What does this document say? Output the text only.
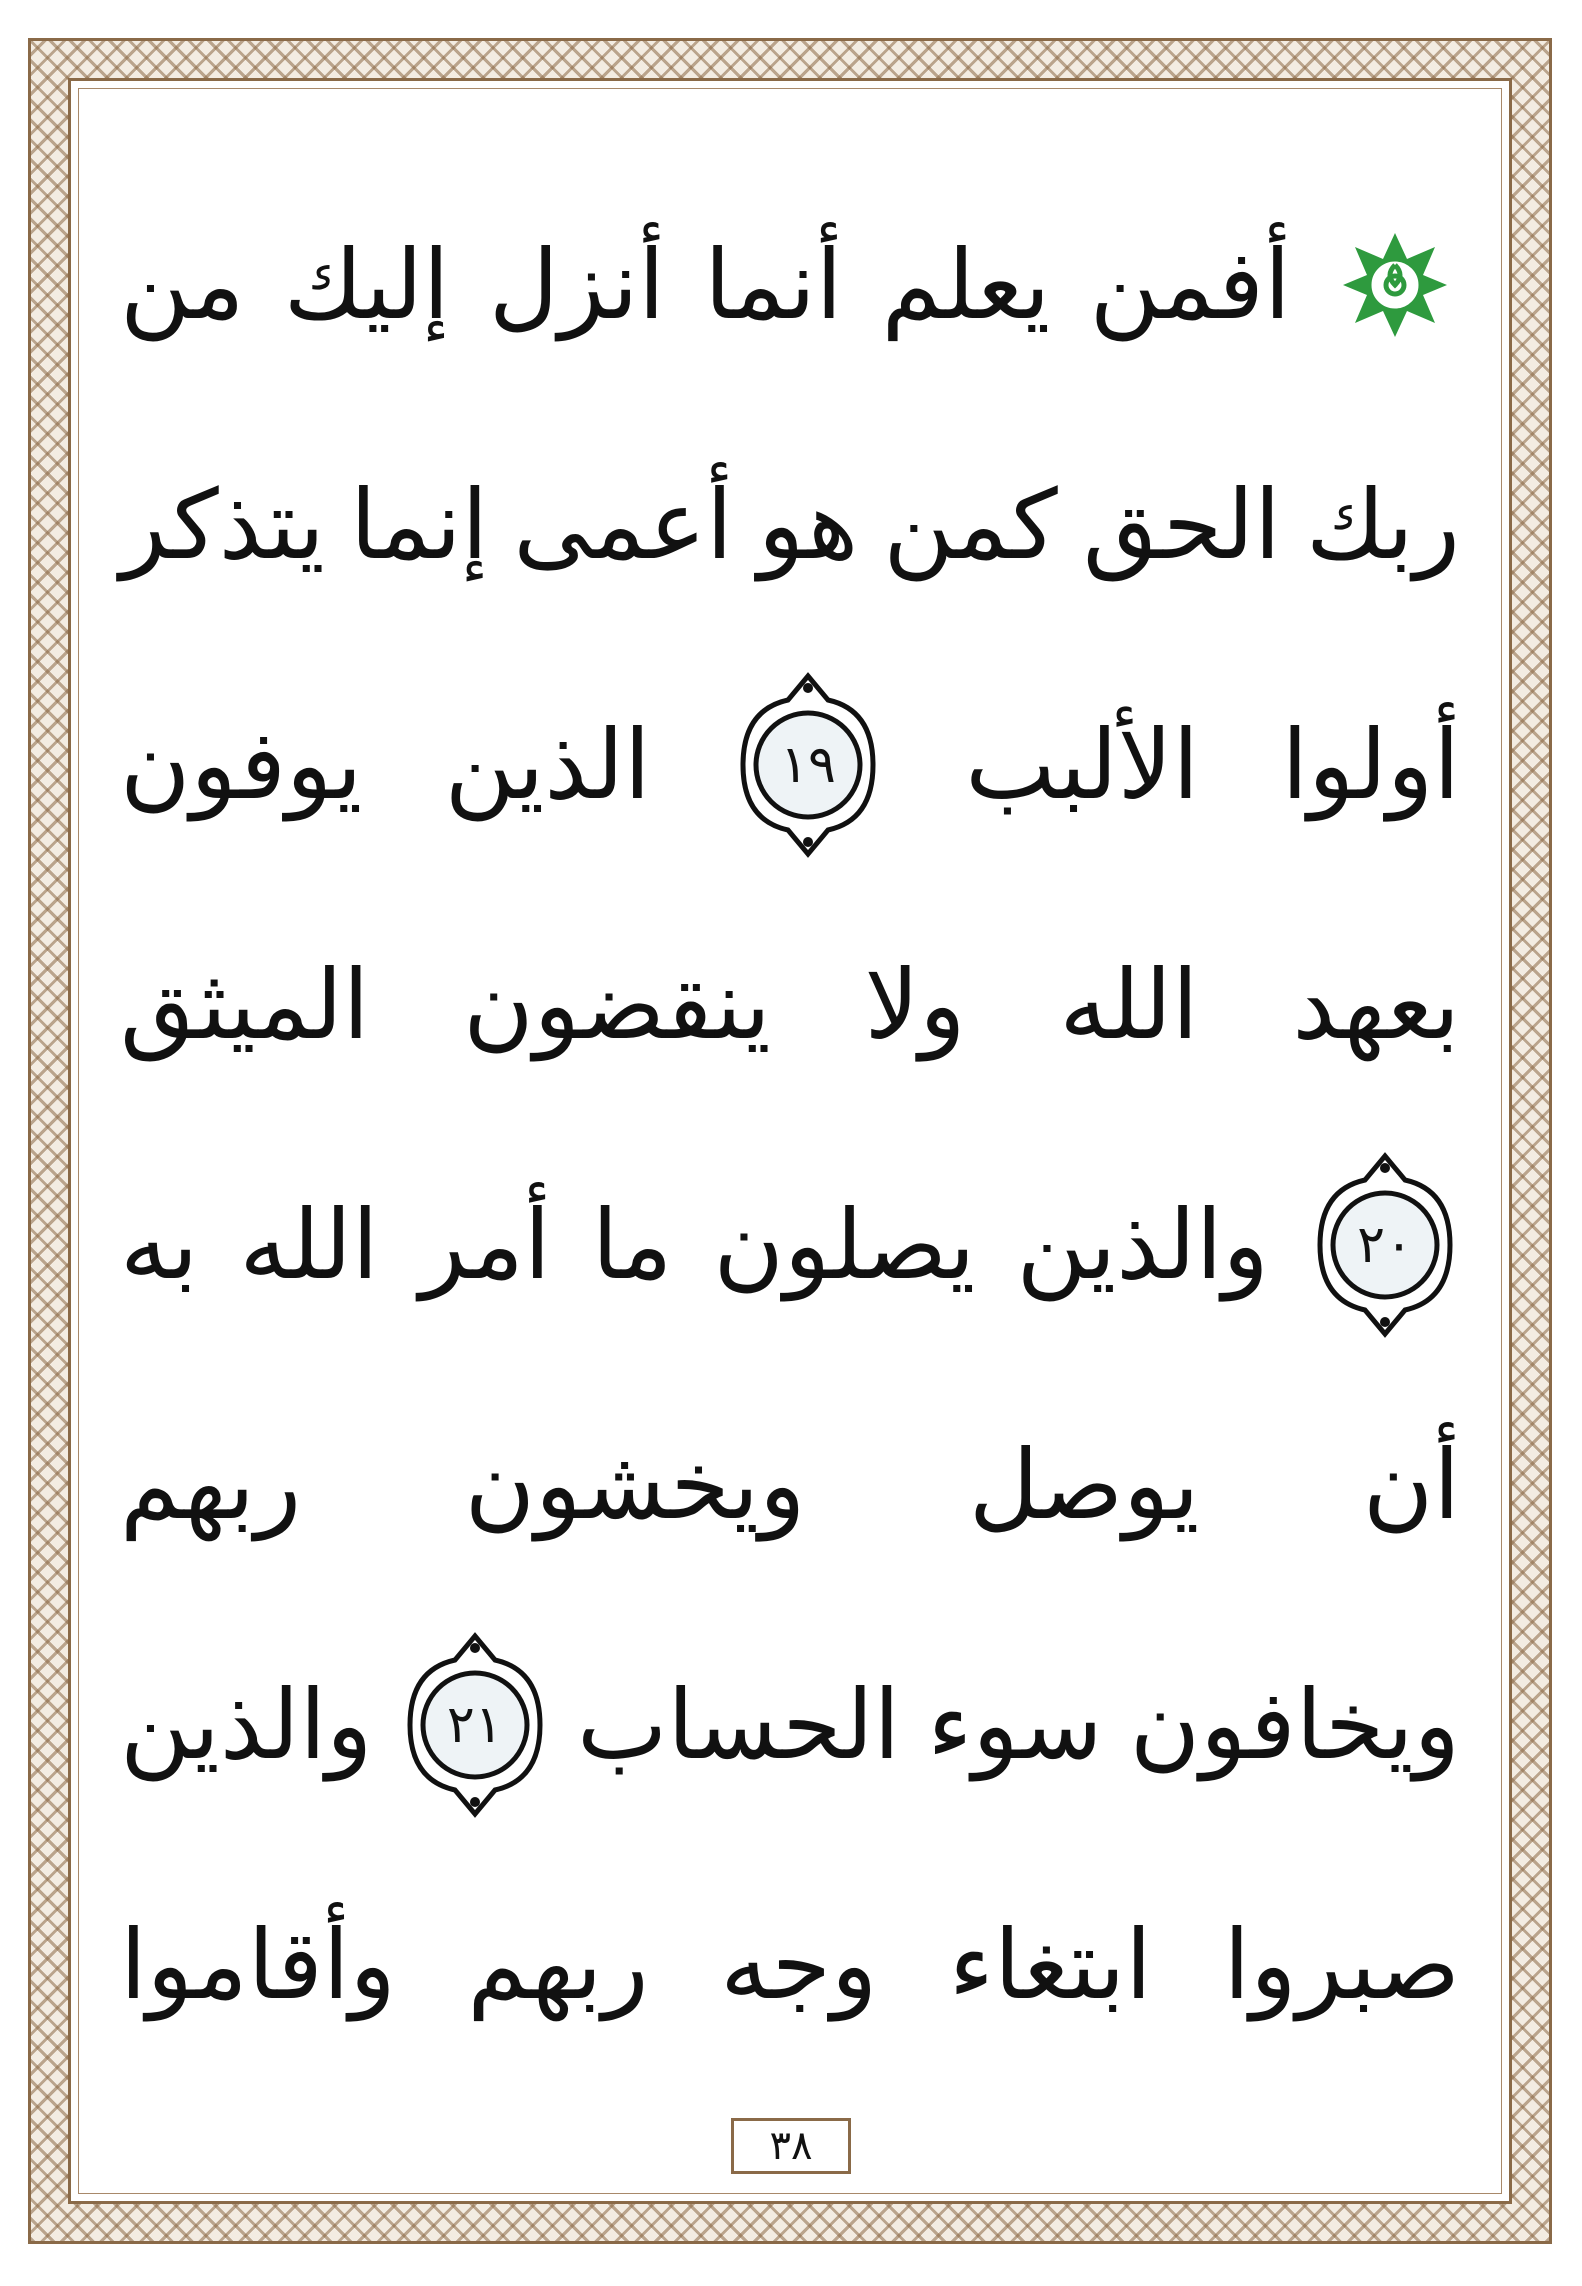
أفمن
يعلم
أنما
أنزل
إليك
من
ربك
الحق
كمن
هو
أعمى
إنما
يتذكر
أولوا
الألبب
١٩
الذين
يوفون
بعهد
الله
ولا
ينقضون
الميثق
والذين
يصلون
ما
أمر
الله
به	٢٠
أن
يوصل
ويخشون
ربهم
ويخافون
سوء
الحساب
٢١
والذين
صبروا
ابتغاء
وجه
ربهم
وأقاموا
٣٨
